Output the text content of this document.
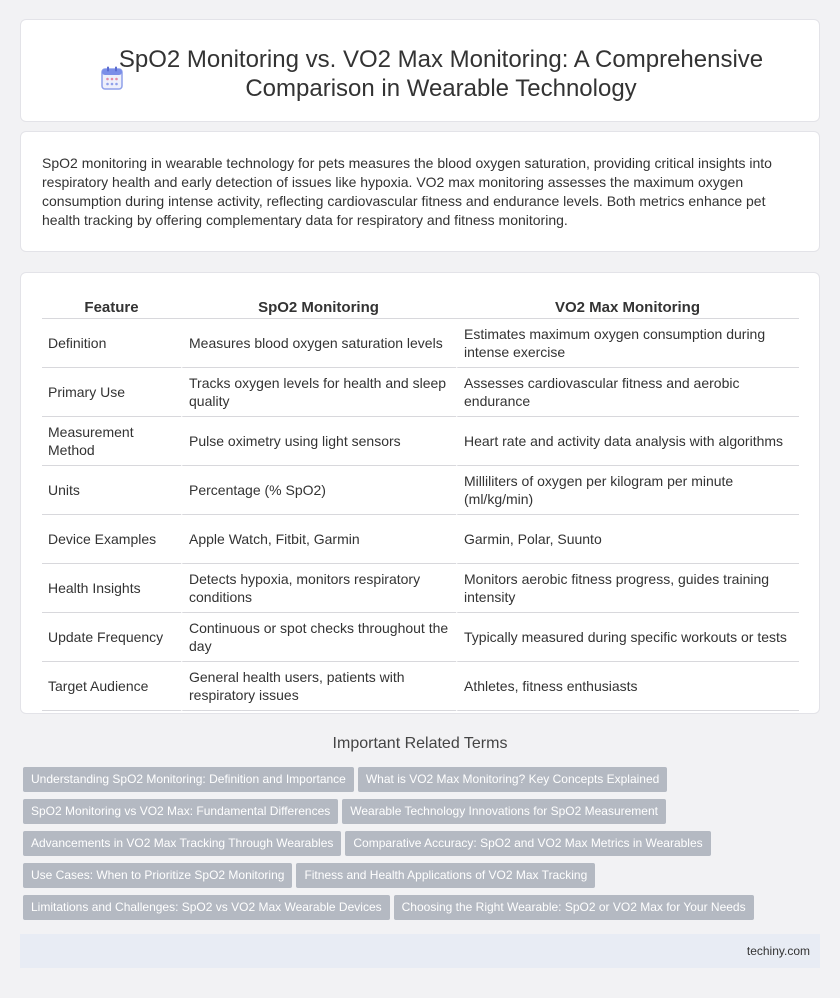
SpO2 Monitoring vs. VO2 Max Monitoring: A Comprehensive
Comparison in Wearable Technology

SpO2 monitoring in wearable technology for pets measures the blood oxygen saturation, providing critical insights into respiratory health and early detection of issues like hypoxia. VO2 max monitoring assesses the maximum oxygen consumption during intense activity, reflecting cardiovascular fitness and endurance levels. Both metrics enhance pet health tracking by offering complementary data for respiratory and fitness monitoring.

Feature	SpO2 Monitoring	VO2 Max Monitoring
Definition	Measures blood oxygen saturation levels	Estimates maximum oxygen consumption during intense exercise
Primary Use	Tracks oxygen levels for health and sleep quality	Assesses cardiovascular fitness and aerobic endurance
Measurement Method	Pulse oximetry using light sensors	Heart rate and activity data analysis with algorithms
Units	Percentage (% SpO2)	Milliliters of oxygen per kilogram per minute (ml/kg/min)
Device Examples	Apple Watch, Fitbit, Garmin	Garmin, Polar, Suunto
Health Insights	Detects hypoxia, monitors respiratory conditions	Monitors aerobic fitness progress, guides training intensity
Update Frequency	Continuous or spot checks throughout the day	Typically measured during specific workouts or tests
Target Audience	General health users, patients with respiratory issues	Athletes, fitness enthusiasts
Important Related Terms
Understanding SpO2 Monitoring: Definition and Importance What is VO2 Max Monitoring? Key Concepts Explained
SpO2 Monitoring vs VO2 Max: Fundamental Differences Wearable Technology Innovations for SpO2 Measurement
Advancements in VO2 Max Tracking Through Wearables Comparative Accuracy: SpO2 and VO2 Max Metrics in Wearables
Use Cases: When to Prioritize SpO2 Monitoring Fitness and Health Applications of VO2 Max Tracking
Limitations and Challenges: SpO2 vs VO2 Max Wearable Devices Choosing the Right Wearable: SpO2 or VO2 Max for Your Needs
techiny.com
